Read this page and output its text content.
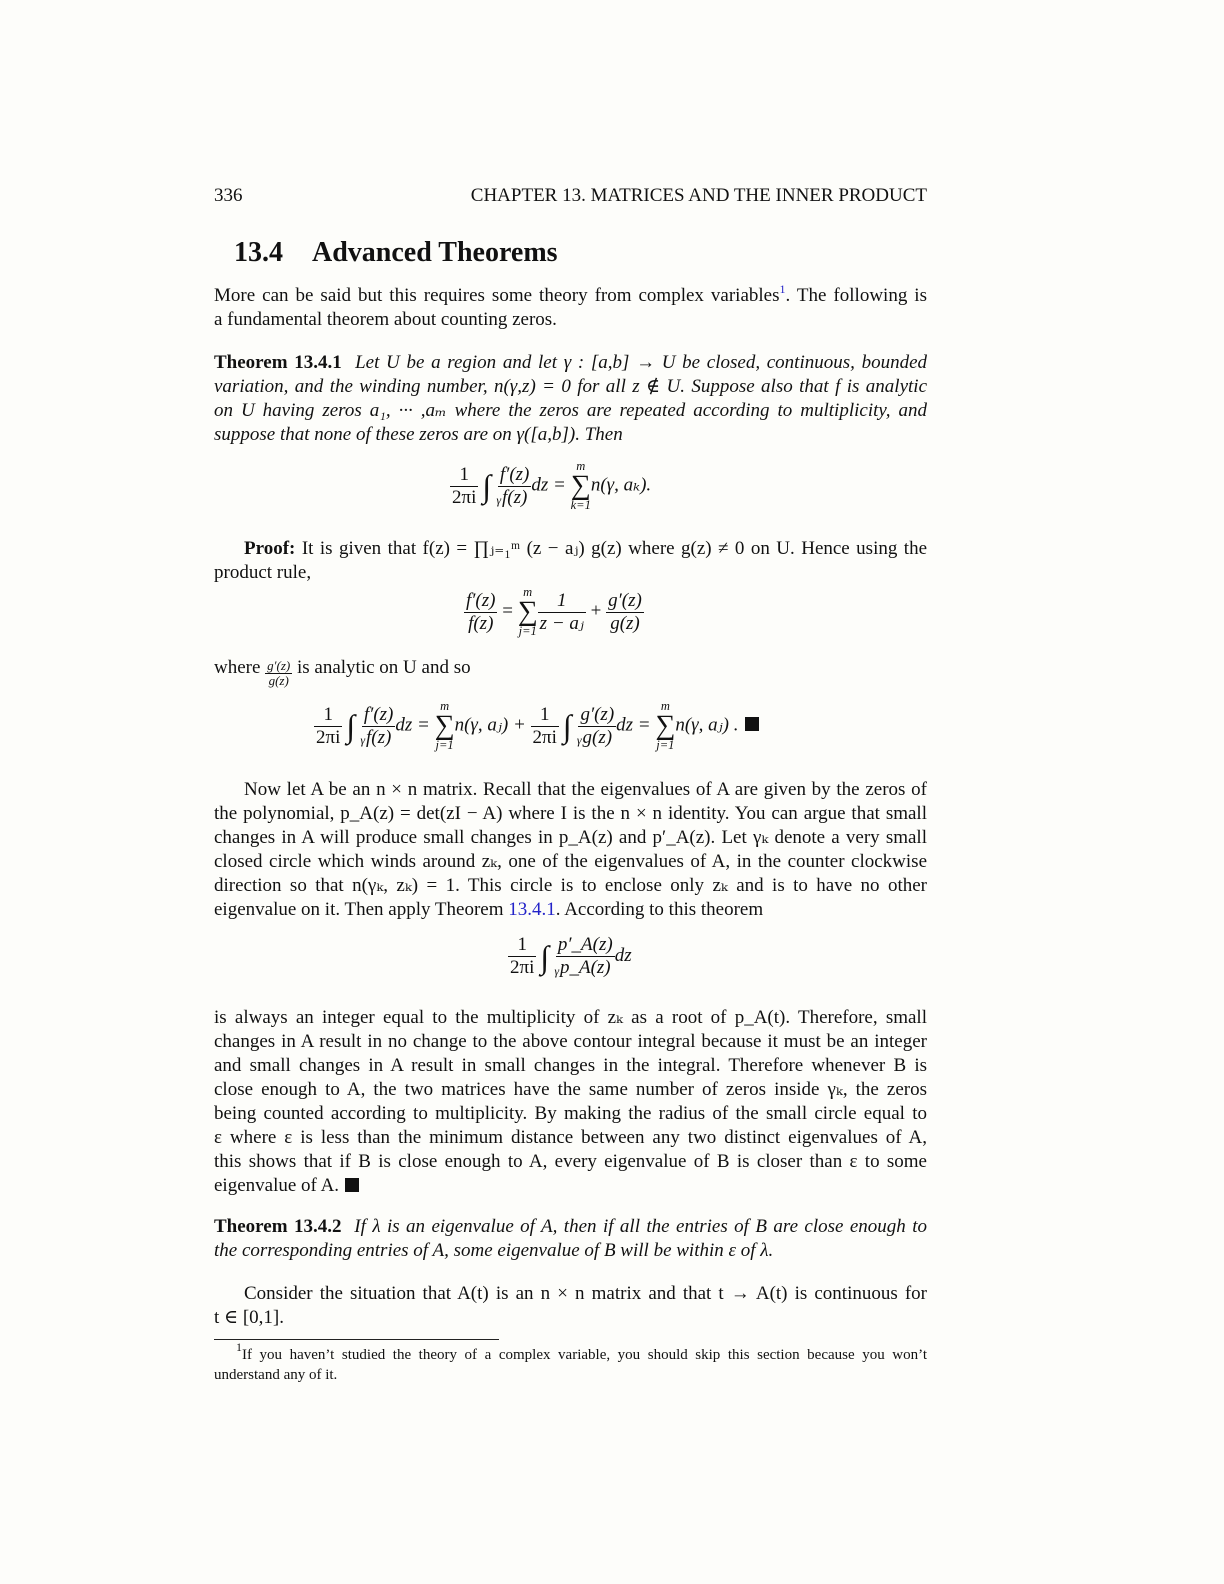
336	CHAPTER 13. MATRICES AND THE INNER PRODUCT
13.4 Advanced Theorems
More can be said but this requires some theory from complex variables$^1$. The following is
a fundamental theorem about counting zeros.
Theorem 13.4.1 Let U be a region and let γ : [a,b] → U be closed, continuous, bounded
variation, and the winding number, n(γ,z) = 0 for all z ∉ U. Suppose also that f is analytic
on U having zeros a₁, ··· ,aₘ where the zeros are repeated according to multiplicity, and
suppose that none of these zeros are on γ([a,b]). Then
$\frac{1}{2\pi i}$ ∫ γ

$\frac{f'(z)}{f(z)}$ dz =
m
∑
k=1
n(γ, aₖ).
Proof: It is given that f(z) = ∏ⱼ₌₁ᵐ (z − aⱼ) g(z) where g(z) ≠ 0 on U. Hence using the
product rule,
$\frac{f'(z)}{f(z)}$ =
m
∑
$j=1 \frac{1}{\text{z − aⱼ}} + \frac{g'(z)}{g(z)}$
where $\frac{g'(z)}{g(z)}$ is analytic on U and so
$\frac{1}{2\pi i}$ ∫ γ

$\frac{f'(z)}{f(z)}$ dz =
m
∑
j=1
n(γ, aⱼ) + $\frac{1}{2\pi i}$ ∫ γ

$\frac{g'(z)}{g(z)}$ dz =
m
∑
j=1
n(γ, aⱼ) .
Now let A be an n × n matrix. Recall that the eigenvalues of A are given by the zeros of
the polynomial, p_A(z) = det(zI − A) where I is the n × n identity. You can argue that small
changes in A will produce small changes in p_A(z) and p′_A(z). Let γₖ denote a very small
closed circle which winds around zₖ, one of the eigenvalues of A, in the counter clockwise
direction so that n(γₖ, zₖ) = 1. This circle is to enclose only zₖ and is to have no other
eigenvalue on it. Then apply Theorem 13.4.1. According to this theorem
$\frac{1}{2\pi i}$ ∫ γ

$\frac{p'\_A(z)}{p\_A(z)}$ dz
is always an integer equal to the multiplicity of zₖ as a root of p_A(t). Therefore, small
changes in A result in no change to the above contour integral because it must be an integer
and small changes in A result in small changes in the integral. Therefore whenever B is
close enough to A, the two matrices have the same number of zeros inside γₖ, the zeros
being counted according to multiplicity. By making the radius of the small circle equal to
ε where ε is less than the minimum distance between any two distinct eigenvalues of A,
this shows that if B is close enough to A, every eigenvalue of B is closer than ε to some
eigenvalue of A.
Theorem 13.4.2 If λ is an eigenvalue of A, then if all the entries of B are close enough to
the corresponding entries of A, some eigenvalue of B will be within ε of λ.
Consider the situation that A(t) is an n × n matrix and that t → A(t) is continuous for
t ∈ [0,1].
$^1$If you haven’t studied the theory of a complex variable, you should skip this section because you won’t
understand any of it.
